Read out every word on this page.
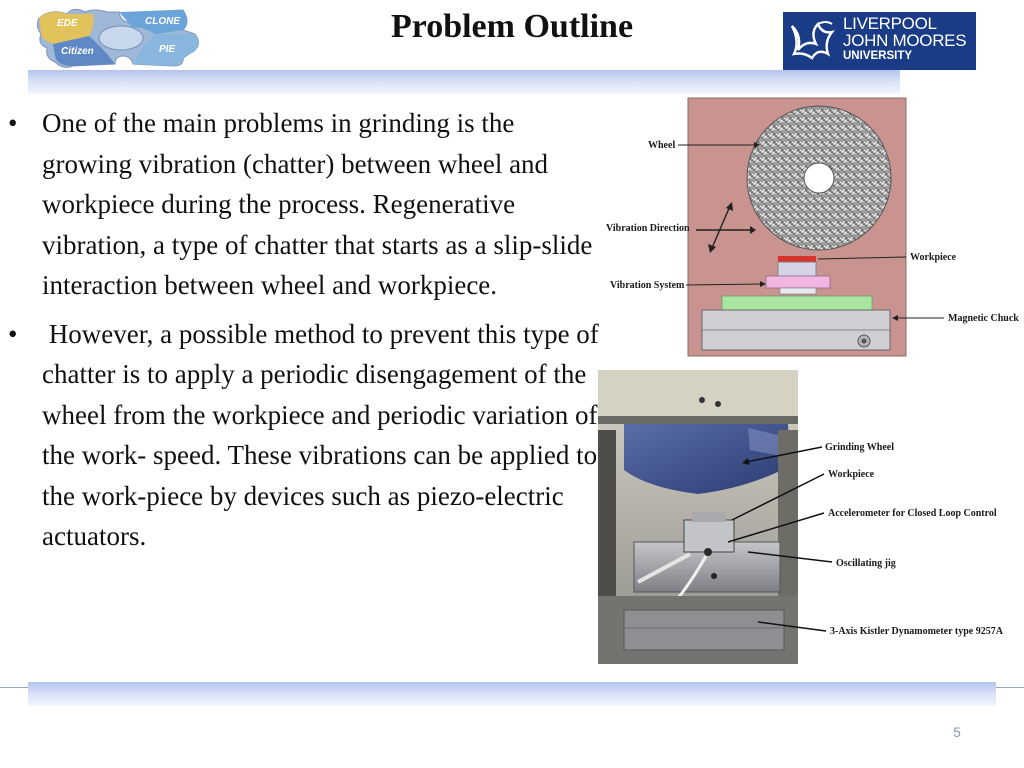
EDE	CLONE
Citizen	PIE
Problem Outline	LIVERPOOL
JOHN MOORES
UNIVERSITY

• One of the main problems in grinding is the growing vibration (chatter) between wheel and workpiece during the process. Regenerative vibration, a type of chatter that starts as a slip-slide interaction between wheel and workpiece.

• However, a possible method to prevent this type of chatter is to apply a periodic disengagement of the wheel from the workpiece and periodic variation of the work- speed. These vibrations can be applied to the work-piece by devices such as piezo-electric actuators.

Wheel
Vibration Direction
Workpiece
Vibration System
Magnetic Chuck
Grinding Wheel
Workpiece
Accelerometer for Closed Loop Control
Oscillating jig
3-Axis Kistler Dynamometer type 9257A
5
